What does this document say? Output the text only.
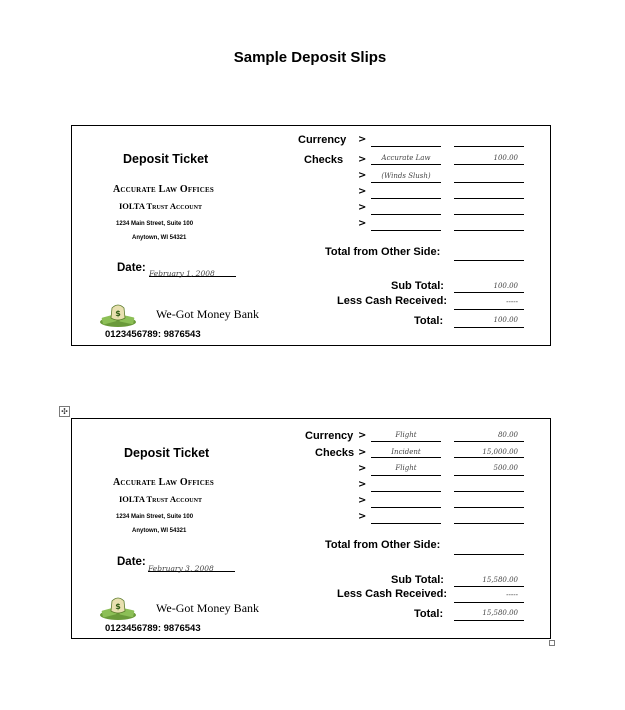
Sample Deposit Slips
✣
Deposit Ticket
Accurate Law Offices
IOLTA Trust Account
1234 Main Street, Suite 100
Anytown, WI 54321
Date: February 1, 2008
$	We-Got Money Bank
0123456789: 9876543
Currency >
Checks >	Accurate Law	100.00
>	(Winds Slush)
>
>
>
Total from Other Side:
Sub Total:	100.00
Less Cash Received:	-----
Total:	100.00
Deposit Ticket
Accurate Law Offices
IOLTA Trust Account
1234 Main Street, Suite 100
Anytown, WI 54321
Date:
February 3, 2008
$	We-Got Money Bank
0123456789: 9876543
Currency >	Flight	80.00
Checks >	Incident	15,000.00
>	Flight	500.00
>
>
>
Total from Other Side:
Sub Total:	15,580.00
Less Cash Received:	-----
Total:	15,580.00
